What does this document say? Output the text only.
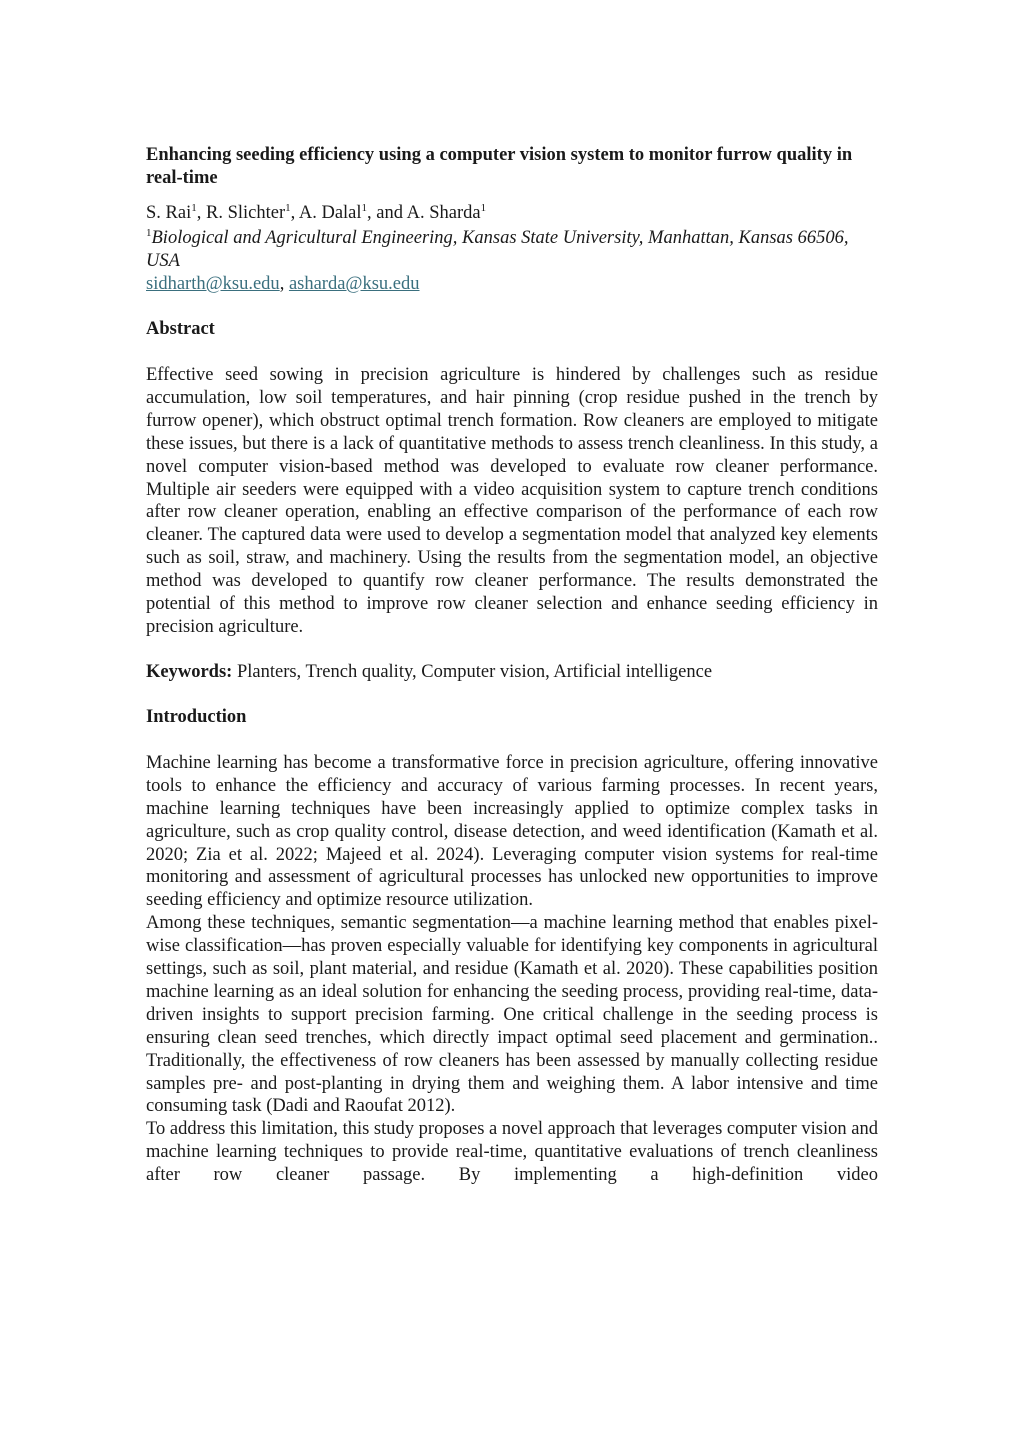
Enhancing seeding efficiency using a computer vision system to monitor furrow quality in real-time
S. Rai$^1$, R. Slichter$^1$, A. Dalal$^1$, and A. Sharda$^1$
$^1$Biological and Agricultural Engineering, Kansas State University, Manhattan, Kansas 66506, USA
sidharth@ksu.edu, asharda@ksu.edu
Abstract

Effective seed sowing in precision agriculture is hindered by challenges such as residue accumulation, low soil temperatures, and hair pinning (crop residue pushed in the trench by furrow opener), which obstruct optimal trench formation. Row cleaners are employed to mitigate these issues, but there is a lack of quantitative methods to assess trench cleanliness. In this study, a novel computer vision-based method was developed to evaluate row cleaner performance. Multiple air seeders were equipped with a video acquisition system to capture trench conditions after row cleaner operation, enabling an effective comparison of the performance of each row cleaner. The captured data were used to develop a segmentation model that analyzed key elements such as soil, straw, and machinery. Using the results from the segmentation model, an objective method was developed to quantify row cleaner performance. The results demonstrated the potential of this method to improve row cleaner selection and enhance seeding efficiency in precision agriculture.

Keywords: Planters, Trench quality, Computer vision, Artificial intelligence
Introduction

Machine learning has become a transformative force in precision agriculture, offering innovative tools to enhance the efficiency and accuracy of various farming processes. In recent years, machine learning techniques have been increasingly applied to optimize complex tasks in agriculture, such as crop quality control, disease detection, and weed identification (Kamath et al. 2020; Zia et al. 2022; Majeed et al. 2024). Leveraging computer vision systems for real-time monitoring and assessment of agricultural processes has unlocked new opportunities to improve seeding efficiency and optimize resource utilization.

Among these techniques, semantic segmentation—a machine learning method that enables pixel-wise classification—has proven especially valuable for identifying key components in agricultural settings, such as soil, plant material, and residue (Kamath et al. 2020). These capabilities position machine learning as an ideal solution for enhancing the seeding process, providing real-time, data-driven insights to support precision farming. One critical challenge in the seeding process is ensuring clean seed trenches, which directly impact optimal seed placement and germination.. Traditionally, the effectiveness of row cleaners has been assessed by manually collecting residue samples pre- and post-planting in drying them and weighing them. A labor intensive and time consuming task (Dadi and Raoufat 2012).

To address this limitation, this study proposes a novel approach that leverages computer vision and machine learning techniques to provide real-time, quantitative evaluations of trench cleanliness after row cleaner passage. By implementing a high-definition video
